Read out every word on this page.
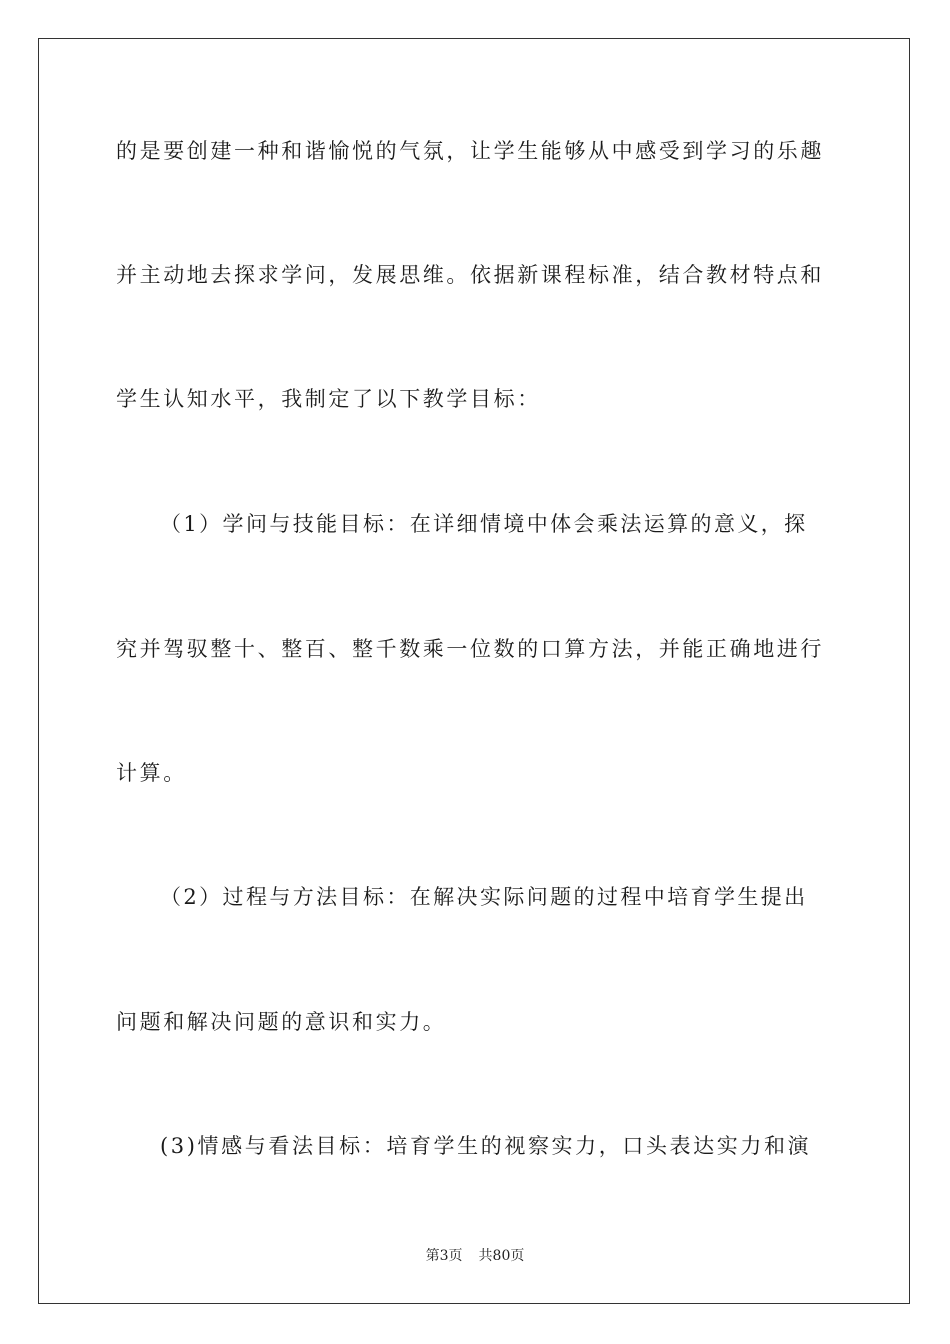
的是要创建一种和谐愉悦的气氛，让学生能够从中感受到学习的乐趣
并主动地去探求学问，发展思维。依据新课程标准，结合教材特点和
学生认知水平，我制定了以下教学目标：
（1）学问与技能目标：在详细情境中体会乘法运算的意义，探
究并驾驭整十、整百、整千数乘一位数的口算方法，并能正确地进行
计算。
（2）过程与方法目标：在解决实际问题的过程中培育学生提出
问题和解决问题的意识和实力。
(3)情感与看法目标：培育学生的视察实力，口头表达实力和演
第3页 共80页
